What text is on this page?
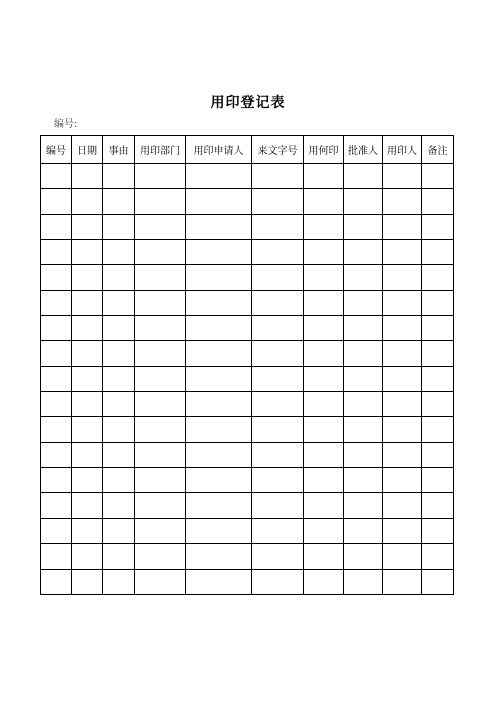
用印登记表
编号:
编号	日期	事由	用印部门	用印申请人	来文字号	用何印	批准人	用印人	备注
